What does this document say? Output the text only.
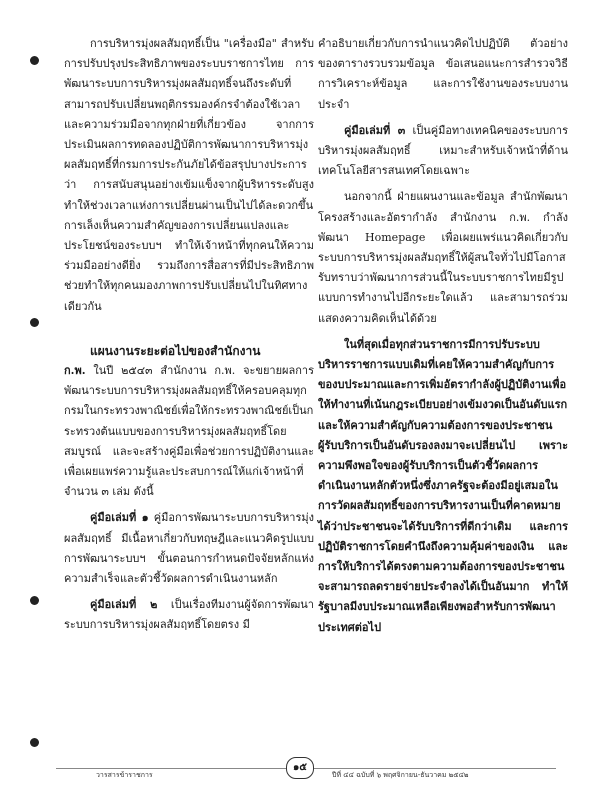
การบริหารมุ่งผลสัมฤทธิ์เป็น "เครื่องมือ" สำหรับการปรับปรุงประสิทธิภาพของระบบราชการไทย การพัฒนาระบบการบริหารมุ่งผลสัมฤทธิ์จนถึงระดับที่สามารถปรับเปลี่ยนพฤติกรรมองค์กรจำต้องใช้เวลาและความร่วมมือจากทุกฝ่ายที่เกี่ยวข้อง จากการประเมินผลการทดลองปฏิบัติการพัฒนาการบริหารมุ่งผลสัมฤทธิ์ที่กรมการประกันภัยได้ข้อสรุปบางประการว่า การสนับสนุนอย่างเข้มแข็งจากผู้บริหารระดับสูงทำให้ช่วงเวลาแห่งการเปลี่ยนผ่านเป็นไปได้ละดวกขึ้น การเล็งเห็นความสำคัญของการเปลี่ยนแปลงและประโยชน์ของระบบฯ ทำให้เจ้าหน้าที่ทุกคนให้ความร่วมมืออย่างดียิ่ง รวมถึงการสื่อสารที่มีประสิทธิภาพช่วยทำให้ทุกคนมองภาพการปรับเปลี่ยนไปในทิศทางเดียวกัน

แผนงานระยะต่อไปของสำนักงาน

ก.พ. ในปี ๒๕๔๓ สำนักงาน ก.พ. จะขยายผลการพัฒนาระบบการบริหารมุ่งผลสัมฤทธิ์ให้ครอบคลุมทุกกรมในกระทรวงพาณิชย์เพื่อให้กระทรวงพาณิชย์เป็นกระทรวงต้นแบบของการบริหารมุ่งผลสัมฤทธิ์โดยสมบูรณ์ และจะสร้างคู่มือเพื่อช่วยการปฏิบัติงานและเพื่อเผยแพร่ความรู้และประสบการณ์ให้แก่เจ้าหน้าที่จำนวน ๓ เล่ม ดังนี้

คู่มือเล่มที่ ๑ คู่มือการพัฒนาระบบการบริหารมุ่งผลสัมฤทธิ์ มีเนื้อหาเกี่ยวกับทฤษฎีและแนวคิดรูปแบบการพัฒนาระบบฯ ขั้นตอนการกำหนดปัจจัยหลักแห่งความสำเร็จและตัวชี้วัดผลการดำเนินงานหลัก

คู่มือเล่มที่ ๒ เป็นเรื่องทีมงานผู้จัดการพัฒนาระบบการบริหารมุ่งผลสัมฤทธิ์โดยตรง มี

คำอธิบายเกี่ยวกับการนำแนวคิดไปปฏิบัติ ตัวอย่างของตารางรวบรวมข้อมูล ข้อเสนอแนะการสำรวจวิธีการวิเคราะห์ข้อมูล และการใช้งานของระบบงานประจำ

คู่มือเล่มที่ ๓ เป็นคู่มือทางเทคนิคของระบบการบริหารมุ่งผลสัมฤทธิ์ เหมาะสำหรับเจ้าหน้าที่ด้านเทคโนโลยีสารสนเทศโดยเฉพาะ

นอกจากนี้ ฝ่ายแผนงานและข้อมูล สำนักพัฒนาโครงสร้างและอัตรากำลัง สำนักงาน ก.พ. กำลังพัฒนา Homepage เพื่อเผยแพร่แนวคิดเกี่ยวกับระบบการบริหารมุ่งผลสัมฤทธิ์ให้ผู้สนใจทั่วไปมีโอกาสรับทราบว่าพัฒนาการส่วนนี้ในระบบราชการไทยมีรูปแบบการทำงานไปอีกระยะใดแล้ว และสามารถร่วมแสดงความคิดเห็นได้ด้วย

ในที่สุดเมื่อทุกส่วนราชการมีการปรับระบบบริหารราชการแบบเดิมที่เคยให้ความสำคัญกับการของบประมาณและการเพิ่มอัตรากำลังผู้ปฏิบัติงานเพื่อให้ทำงานที่เน้นกฎระเบียบอย่างเข้มงวดเป็นอันดับแรกและให้ความสำคัญกับความต้องการของประชาชนผู้รับบริการเป็นอันดับรองลงมาจะเปลี่ยนไป เพราะความพึงพอใจของผู้รับบริการเป็นตัวชี้วัดผลการดำเนินงานหลักตัวหนึ่งซึ่งภาครัฐจะต้องมีอยู่เสมอในการวัดผลสัมฤทธิ์ของการบริหารงานเป็นที่คาดหมายได้ว่าประชาชนจะได้รับบริการที่ดีกว่าเดิม และการปฏิบัติราชการโดยคำนึงถึงความคุ้มค่าของเงิน และการให้บริการได้ตรงตามความต้องการของประชาชนจะสามารถลดรายจ่ายประจำลงได้เป็นอันมาก ทำให้รัฐบาลมีงบประมาณเหลือเพียงพอสำหรับการพัฒนาประเทศต่อไป

วารสารข้าราชการ
๑๕
ปีที่ ๔๔ ฉบับที่ ๖ พฤศจิกายน-ธันวาคม ๒๕๔๒
